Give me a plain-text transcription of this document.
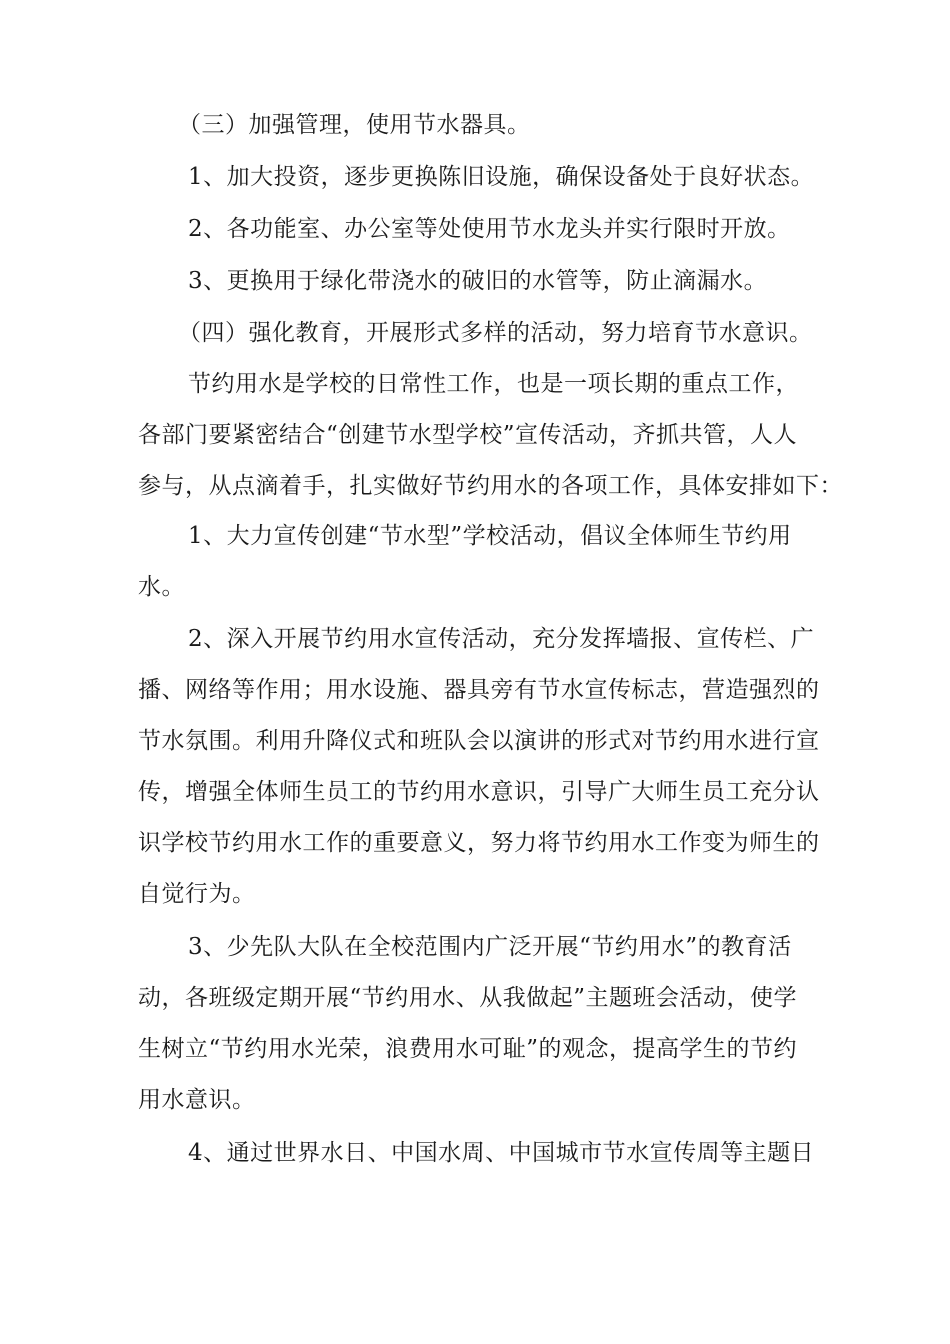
（三）加强管理，使用节水器具。
1、加大投资，逐步更换陈旧设施，确保设备处于良好状态。
2、各功能室、办公室等处使用节水龙头并实行限时开放。
3、更换用于绿化带浇水的破旧的水管等，防止滴漏水。
（四）强化教育，开展形式多样的活动，努力培育节水意识。
节约用水是学校的日常性工作，也是一项长期的重点工作，
各部门要紧密结合“创建节水型学校”宣传活动，齐抓共管，人人
参与，从点滴着手，扎实做好节约用水的各项工作，具体安排如下：
1、大力宣传创建“节水型”学校活动，倡议全体师生节约用
水。
2、深入开展节约用水宣传活动，充分发挥墙报、宣传栏、广
播、网络等作用；用水设施、器具旁有节水宣传标志，营造强烈的
节水氛围。利用升降仪式和班队会以演讲的形式对节约用水进行宣
传，增强全体师生员工的节约用水意识，引导广大师生员工充分认
识学校节约用水工作的重要意义，努力将节约用水工作变为师生的
自觉行为。
3、少先队大队在全校范围内广泛开展“节约用水”的教育活
动，各班级定期开展“节约用水、从我做起”主题班会活动，使学
生树立“节约用水光荣，浪费用水可耻”的观念，提高学生的节约
用水意识。
4、通过世界水日、中国水周、中国城市节水宣传周等主题日
